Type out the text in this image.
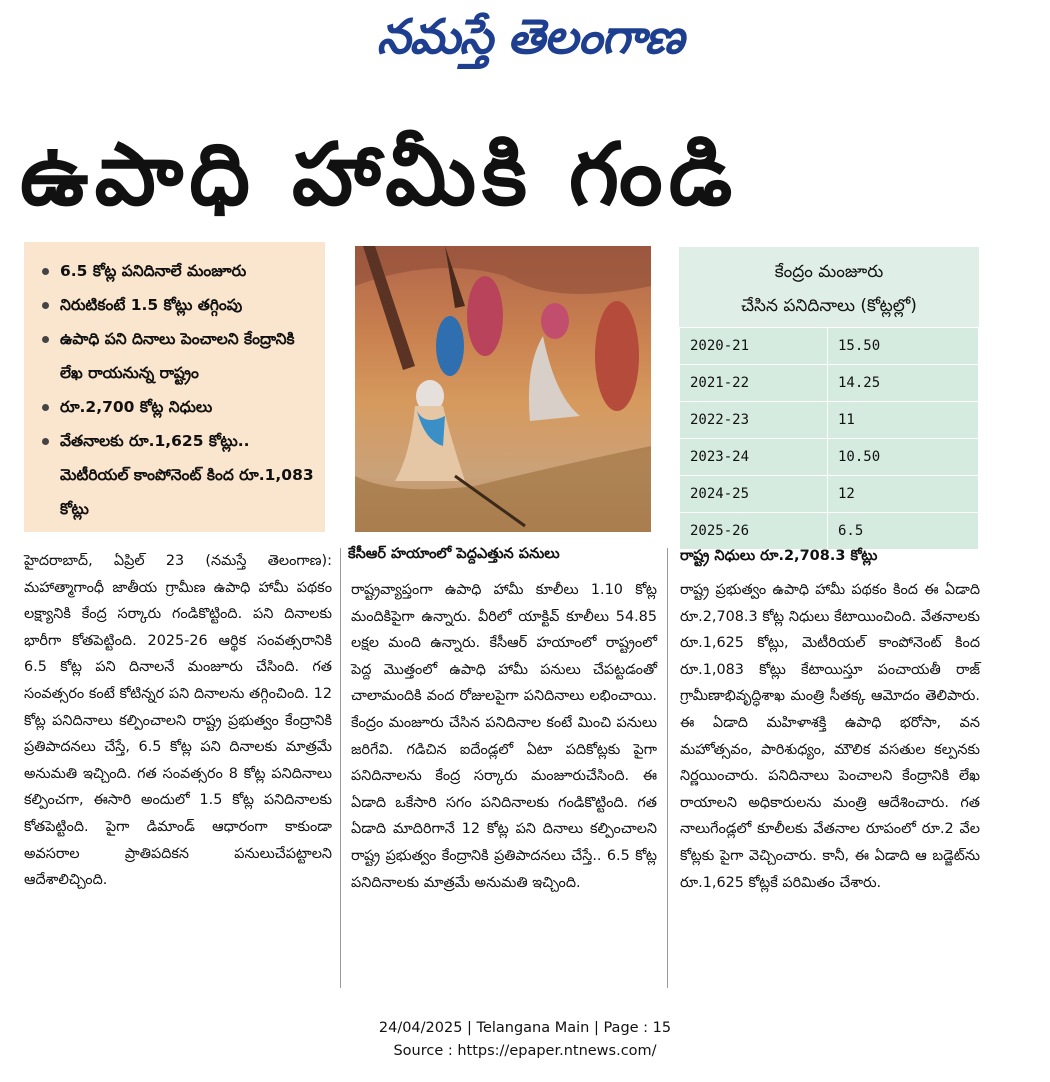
నమస్తే తెలంగాణ
ఉపాధి హామీకి గండి
6.5 కోట్ల పనిదినాలే మంజూరు
నిరుటికంటే 1.5 కోట్లు తగ్గింపు
ఉపాధి పని దినాలు పెంచాలని కేంద్రానికి లేఖ రాయనున్న రాష్ట్రం
రూ.2,700 కోట్ల నిధులు
వేతనాలకు రూ.1,625 కోట్లు.. మెటీరియల్ కాంపోనెంట్ కింద రూ.1,083 కోట్లు
కేసీఆర్ హయాంలో పెద్దఎత్తున పనులు
కేంద్రం మంజూరు
చేసిన పనిదినాలు (కోట్లల్లో)
2020-21	15.50
2021-22	14.25
2022-23	11
2023-24	10.50
2024-25	12
2025-26	6.5
రాష్ట్ర నిధులు రూ.2,708.3 కోట్లు

హైదరాబాద్, ఏప్రిల్ 23 (నమస్తే తెలంగాణ): మహాత్మాగాంధీ జాతీయ గ్రామీణ ఉపాధి హామీ పథకం లక్ష్యానికి కేంద్ర సర్కారు గండికొట్టింది. పని దినాలకు భారీగా కోతపెట్టింది. 2025-26 ఆర్థిక సంవత్సరానికి 6.5 కోట్ల పని దినాలనే మంజూరు చేసింది. గత సంవత్సరం కంటే కోటిన్నర పని దినాలను తగ్గించింది. 12 కోట్ల పనిదినాలు కల్పించాలని రాష్ట్ర ప్రభుత్వం కేంద్రానికి ప్రతిపాదనలు చేస్తే, 6.5 కోట్ల పని దినాలకు మాత్రమే అనుమతి ఇచ్చింది. గత సంవత్సరం 8 కోట్ల పనిదినాలు కల్పించగా, ఈసారి అందులో 1.5 కోట్ల పనిదినాలకు కోతపెట్టింది. పైగా డిమాండ్ ఆధారంగా కాకుండా అవసరాల ప్రాతిపదికన పనులుచేపట్టాలని ఆదేశాలిచ్చింది.

రాష్ట్రవ్యాప్తంగా ఉపాధి హామీ కూలీలు 1.10 కోట్ల మందికిపైగా ఉన్నారు. వీరిలో యాక్టివ్ కూలీలు 54.85 లక్షల మంది ఉన్నారు. కేసీఆర్ హయాంలో రాష్ట్రంలో పెద్ద మొత్తంలో ఉపాధి హామీ పనులు చేపట్టడంతో చాలామందికి వంద రోజులపైగా పనిదినాలు లభించాయి. కేంద్రం మంజూరు చేసిన పనిదినాల కంటే మించి పనులు జరిగేవి. గడిచిన ఐదేండ్లలో ఏటా పదికోట్లకు పైగా పనిదినాలను కేంద్ర సర్కారు మంజూరుచేసింది. ఈ ఏడాది ఒకేసారి సగం పనిదినాలకు గండికొట్టింది. గత ఏడాది మాదిరిగానే 12 కోట్ల పని దినాలు కల్పించాలని రాష్ట్ర ప్రభుత్వం కేంద్రానికి ప్రతిపాదనలు చేస్తే.. 6.5 కోట్ల పనిదినాలకు మాత్రమే అనుమతి ఇచ్చింది.

రాష్ట్ర ప్రభుత్వం ఉపాధి హామీ పథకం కింద ఈ ఏడాది రూ.2,708.3 కోట్ల నిధులు కేటాయించింది. వేతనాలకు రూ.1,625 కోట్లు, మెటీరియల్ కాంపోనెంట్ కింద రూ.1,083 కోట్లు కేటాయిస్తూ పంచాయతీ రాజ్ గ్రామీణాభివృద్ధిశాఖ మంత్రి సీతక్క ఆమోదం తెలిపారు. ఈ ఏడాది మహిళాశక్తి ఉపాధి భరోసా, వన మహోత్సవం, పారిశుధ్యం, మౌలిక వసతుల కల్పనకు నిర్ణయించారు. పనిదినాలు పెంచాలని కేంద్రానికి లేఖ రాయాలని అధికారులను మంత్రి ఆదేశించారు. గత నాలుగేండ్లలో కూలీలకు వేతనాల రూపంలో రూ.2 వేల కోట్లకు పైగా వెచ్చించారు. కానీ, ఈ ఏడాది ఆ బడ్జెట్‌ను రూ.1,625 కోట్లకే పరిమితం చేశారు.

24/04/2025 | Telangana Main | Page : 15
Source : https://epaper.ntnews.com/
